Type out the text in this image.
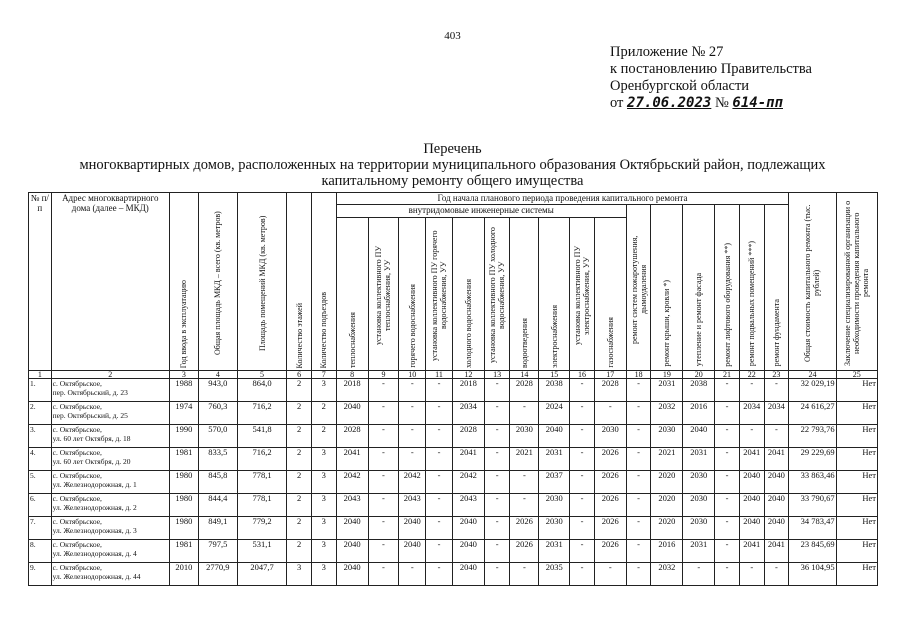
403
Приложение № 27
к постановлению Правительства
Оренбургской области
от 27.06.2023 № 614-пп
Перечень
многоквартирных домов, расположенных на территории муниципального образования Октябрьский район, подлежащих
капитальному ремонту общего имущества
№ п/п	Адрес многоквартирного дома (далее – МКД)	Год ввода в эксплуатацию	Общая площадь МКД – всего (кв. метров)	Площадь помещений МКД (кв. метров)	Количество этажей	Количество подъездов	Год начала планового периода проведения капитального ремонта																Общая стоимость капитального ремонта (тыс. рублей)	Заключение специализированной организации о необходимости проведения капитального ремонта

							внутридомовые инженерные системы										ремонт систем пожаротушения, дымоудаления	ремонт крыши, кровли *)	утепление и ремонт фасада	ремонт лифтового оборудования **)	ремонт подвальных помещений ***)	ремонт фундамента		

							теплоснабжения	установка коллективного ПУ теплоснабжения, УУ	горячего водоснабжения	установка коллективного ПУ горячего водоснабжения, УУ	холодного водоснабжения	установка коллективного ПУ холодного водоснабжения, УУ	водоотведения	электроснабжения	установка коллективного ПУ электроснабжения, УУ	газоснабжения								

1	2	3	4	5	6	7	8	9	10	11	12	13	14	15	16	17	18	19	20	21	22	23	24	25
1.	с. Октябрьское,
пер. Октябрьский, д. 23	1988	943,0	864,0	2	3	2018	-	-	-	2018	-	2028	2038	-	2028	-	2031	2038	-	-	-	32 029,19	Нет
2.	с. Октябрьское,
пер. Октябрьский, д. 25	1974	760,3	716,2	2	2	2040	-	-	-	2034	-	-	2024	-	-	-	2032	2016	-	2034	2034	24 616,27	Нет
3.	с. Октябрьское,
ул. 60 лет Октября, д. 18	1990	570,0	541,8	2	2	2028	-	-	-	2028	-	2030	2040	-	2030	-	2030	2040	-	-	-	22 793,76	Нет
4.	с. Октябрьское,
ул. 60 лет Октября, д. 20	1981	833,5	716,2	2	3	2041	-	-	-	2041	-	2021	2031	-	2026	-	2021	2031	-	2041	2041	29 229,69	Нет
5.	с. Октябрьское,
ул. Железнодорожная, д. 1	1980	845,8	778,1	2	3	2042	-	2042	-	2042	-	-	2037	-	2026	-	2020	2030	-	2040	2040	33 863,46	Нет
6.	с. Октябрьское,
ул. Железнодорожная, д. 2	1980	844,4	778,1	2	3	2043	-	2043	-	2043	-	-	2030	-	2026	-	2020	2030	-	2040	2040	33 790,67	Нет
7.	с. Октябрьское,
ул. Железнодорожная, д. 3	1980	849,1	779,2	2	3	2040	-	2040	-	2040	-	2026	2030	-	2026	-	2020	2030	-	2040	2040	34 783,47	Нет
8.	с. Октябрьское,
ул. Железнодорожная, д. 4	1981	797,5	531,1	2	3	2040	-	2040	-	2040	-	2026	2031	-	2026	-	2016	2031	-	2041	2041	23 845,69	Нет
9.	с. Октябрьское,
ул. Железнодорожная, д. 44	2010	2770,9	2047,7	3	3	2040	-	-	-	2040	-	-	2035	-	-	-	2032	-	-	-	-	36 104,95	Нет
